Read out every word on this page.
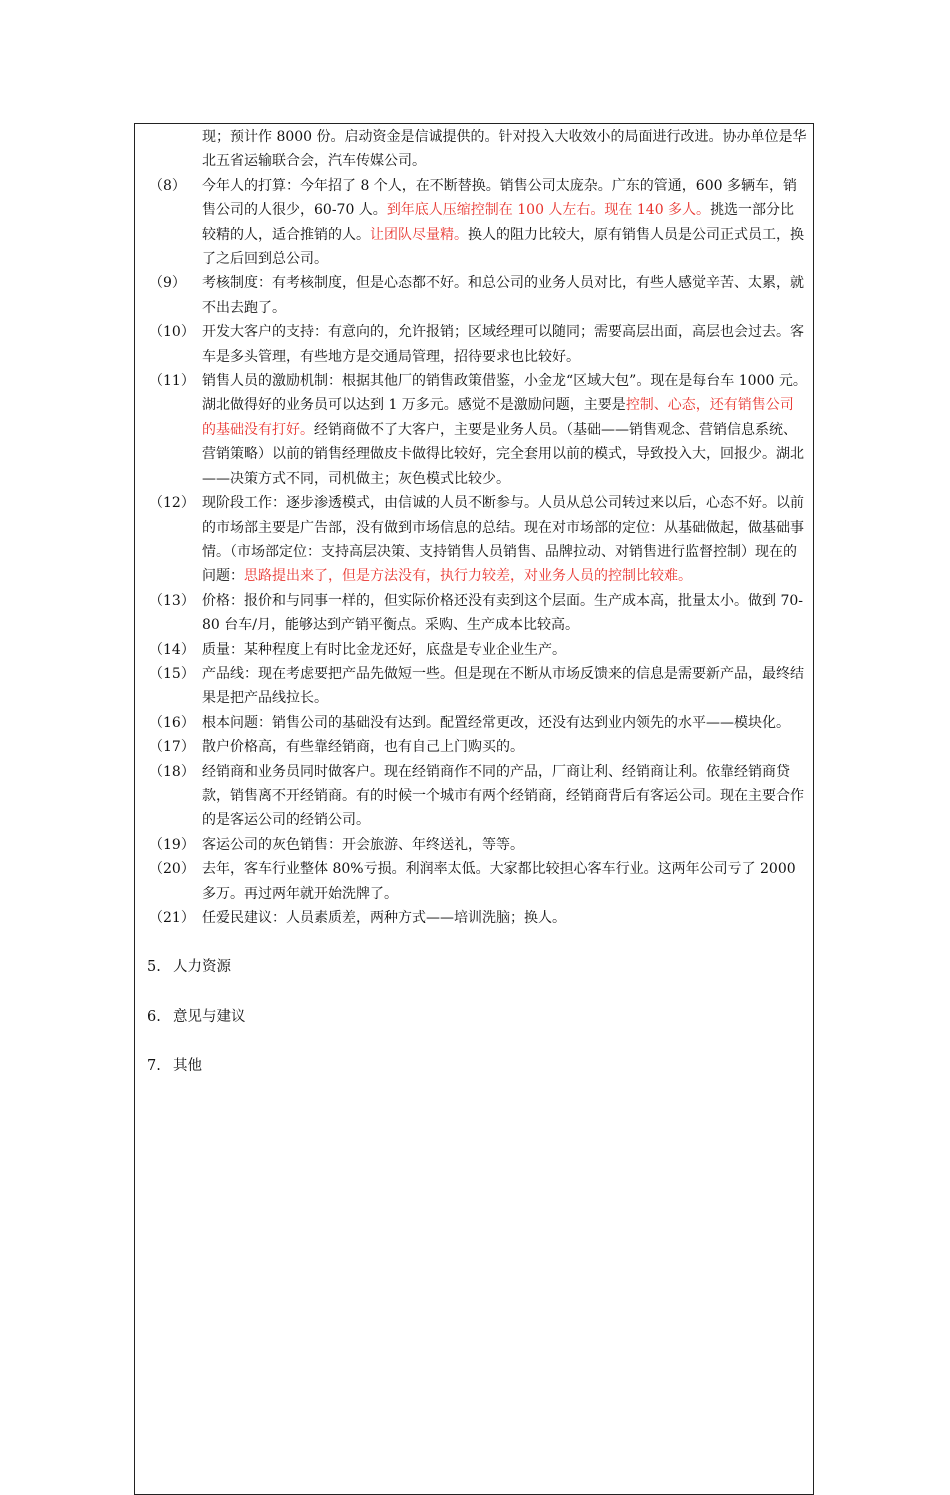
现；预计作 8000 份。启动资金是信诚提供的。针对投入大收效小的局面进行改进。协办单位是华北五省运输联合会，汽车传媒公司。
（8）	今年人的打算：今年招了 8 个人，在不断替换。销售公司太庞杂。广东的管通，600 多辆车，销售公司的人很少，60-70 人。到年底人压缩控制在 100 人左右。现在 140 多人。挑选一部分比较精的人，适合推销的人。让团队尽量精。换人的阻力比较大，原有销售人员是公司正式员工，换了之后回到总公司。
（9）	考核制度：有考核制度，但是心态都不好。和总公司的业务人员对比，有些人感觉辛苦、太累，就不出去跑了。
（10） 开发大客户的支持：有意向的，允许报销；区域经理可以随同；需要高层出面，高层也会过去。客车是多头管理，有些地方是交通局管理，招待要求也比较好。
（11） 销售人员的激励机制：根据其他厂的销售政策借鉴，小金龙“区域大包”。现在是每台车 1000 元。湖北做得好的业务员可以达到 1 万多元。感觉不是激励问题，主要是控制、心态，还有销售公司的基础没有打好。经销商做不了大客户，主要是业务人员。（基础——销售观念、营销信息系统、营销策略）以前的销售经理做皮卡做得比较好，完全套用以前的模式，导致投入大，回报少。湖北——决策方式不同，司机做主；灰色模式比较少。
（12） 现阶段工作：逐步渗透模式，由信诚的人员不断参与。人员从总公司转过来以后，心态不好。以前的市场部主要是广告部，没有做到市场信息的总结。现在对市场部的定位：从基础做起，做基础事情。（市场部定位：支持高层决策、支持销售人员销售、品牌拉动、对销售进行监督控制）现在的问题：思路提出来了，但是方法没有，执行力较差，对业务人员的控制比较难。
（13） 价格：报价和与同事一样的，但实际价格还没有卖到这个层面。生产成本高，批量太小。做到 70-80 台车/月，能够达到产销平衡点。采购、生产成本比较高。
（14） 质量：某种程度上有时比金龙还好，底盘是专业企业生产。
（15） 产品线：现在考虑要把产品先做短一些。但是现在不断从市场反馈来的信息是需要新产品，最终结果是把产品线拉长。
（16） 根本问题：销售公司的基础没有达到。配置经常更改，还没有达到业内领先的水平——模块化。
（17） 散户价格高，有些靠经销商，也有自己上门购买的。
（18） 经销商和业务员同时做客户。现在经销商作不同的产品，厂商让利、经销商让利。依靠经销商贷款，销售离不开经销商。有的时候一个城市有两个经销商，经销商背后有客运公司。现在主要合作的是客运公司的经销公司。
（19） 客运公司的灰色销售：开会旅游、年终送礼，等等。
（20） 去年，客车行业整体 80%亏损。利润率太低。大家都比较担心客车行业。这两年公司亏了 2000 多万。再过两年就开始洗牌了。
（21） 任爱民建议：人员素质差，两种方式——培训洗脑；换人。
5. 人力资源
6. 意见与建议
7. 其他
